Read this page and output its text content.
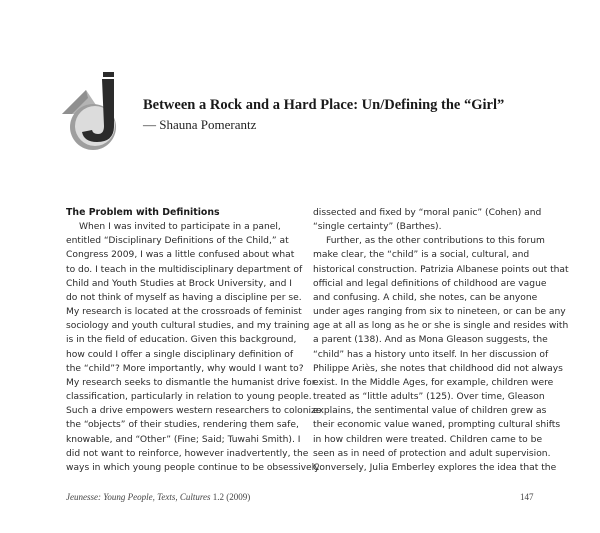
Between a Rock and a Hard Place: Un/Defining the “Girl”

— Shauna Pomerantz

The Problem with Definitions
When I was invited to participate in a panel,
entitled “Disciplinary Definitions of the Child,” at
Congress 2009, I was a little confused about what
to do. I teach in the multidisciplinary department of
Child and Youth Studies at Brock University, and I
do not think of myself as having a discipline per se.
My research is located at the crossroads of feminist
sociology and youth cultural studies, and my training
is in the field of education. Given this background,
how could I offer a single disciplinary definition of
the “child”? More importantly, why would I want to?
My research seeks to dismantle the humanist drive for
classification, particularly in relation to young people.
Such a drive empowers western researchers to colonize
the “objects” of their studies, rendering them safe,
knowable, and “Other” (Fine; Said; Tuwahi Smith). I
did not want to reinforce, however inadvertently, the
ways in which young people continue to be obsessively
dissected and fixed by “moral panic” (Cohen) and
“single certainty” (Barthes).
Further, as the other contributions to this forum
make clear, the “child” is a social, cultural, and
historical construction. Patrizia Albanese points out that
official and legal definitions of childhood are vague
and confusing. A child, she notes, can be anyone
under ages ranging from six to nineteen, or can be any
age at all as long as he or she is single and resides with
a parent (138). And as Mona Gleason suggests, the
“child” has a history unto itself. In her discussion of
Philippe Ariès, she notes that childhood did not always
exist. In the Middle Ages, for example, children were
treated as “little adults” (125). Over time, Gleason
explains, the sentimental value of children grew as
their economic value waned, prompting cultural shifts
in how children were treated. Children came to be
seen as in need of protection and adult supervision.
Conversely, Julia Emberley explores the idea that the

Jeunesse: Young People, Texts, Cultures 1.2 (2009)	147
